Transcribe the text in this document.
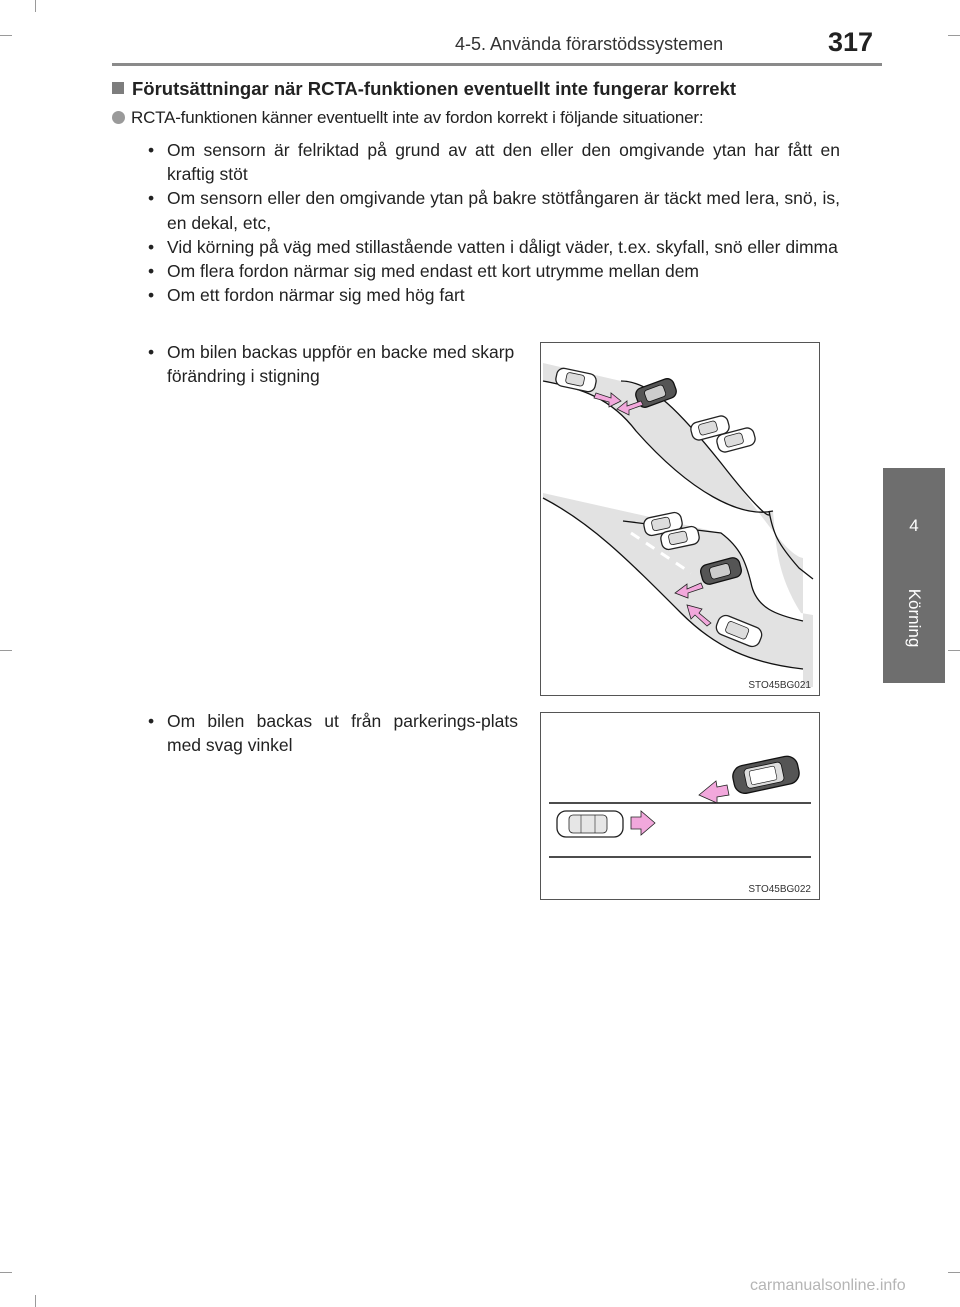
4-5. Använda förarstödssystemen	317
4
Körning
Förutsättningar när RCTA-funktionen eventuellt inte fungerar korrekt
RCTA-funktionen känner eventuellt inte av fordon korrekt i följande situationer:
• Om sensorn är felriktad på grund av att den eller den omgivande ytan har fått en kraftig stöt
• Om sensorn eller den omgivande ytan på bakre stötfångaren är täckt med lera, snö, is, en dekal, etc,
• Vid körning på väg med stillastående vatten i dåligt väder, t.ex. skyfall, snö eller dimma
• Om flera fordon närmar sig med endast ett kort utrymme mellan dem
• Om ett fordon närmar sig med hög fart
• Om bilen backas uppför en backe med skarp förändring i stigning
• Om bilen backas ut från parkerings-plats med svag vinkel
STO45BG021
STO45BG022
carmanualsonline.info
